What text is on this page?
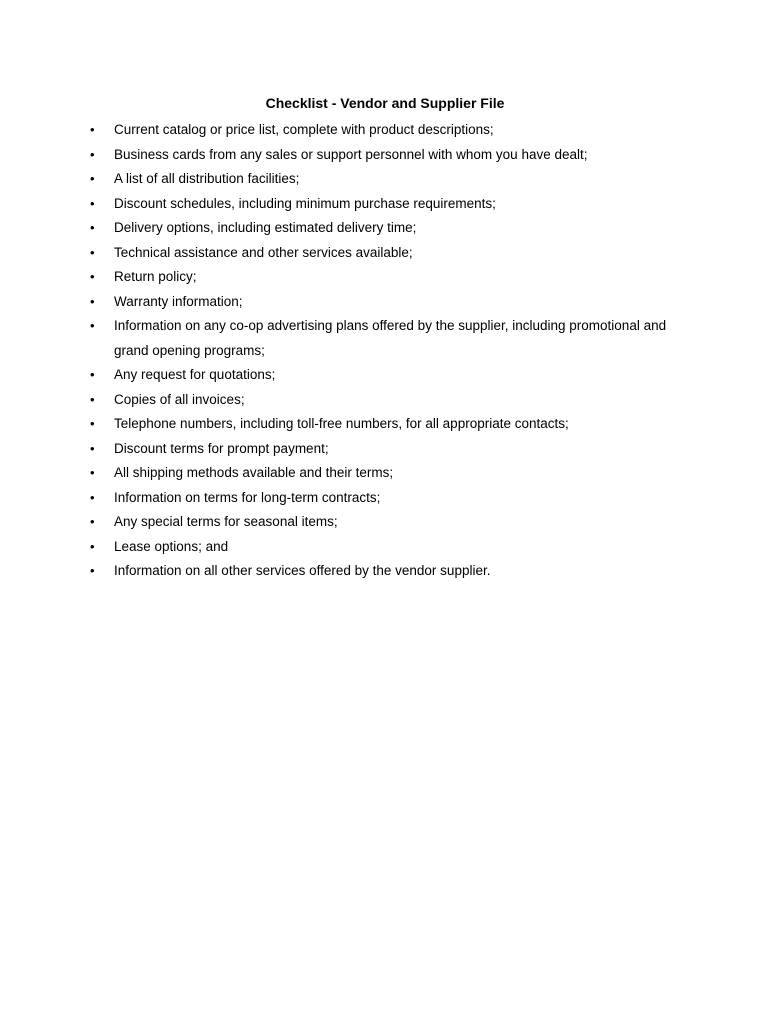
Checklist - Vendor and Supplier File
•	Current catalog or price list, complete with product descriptions;
•	Business cards from any sales or support personnel with whom you have dealt;
•	A list of all distribution facilities;
•	Discount schedules, including minimum purchase requirements;
•	Delivery options, including estimated delivery time;
•	Technical assistance and other services available;
•	Return policy;
•	Warranty information;
•	Information on any co-op advertising plans offered by the supplier, including promotional and grand opening programs;
•	Any request for quotations;
•	Copies of all invoices;
•	Telephone numbers, including toll-free numbers, for all appropriate contacts;
•	Discount terms for prompt payment;
•	All shipping methods available and their terms;
•	Information on terms for long-term contracts;
•	Any special terms for seasonal items;
•	Lease options; and
•	Information on all other services offered by the vendor supplier.
